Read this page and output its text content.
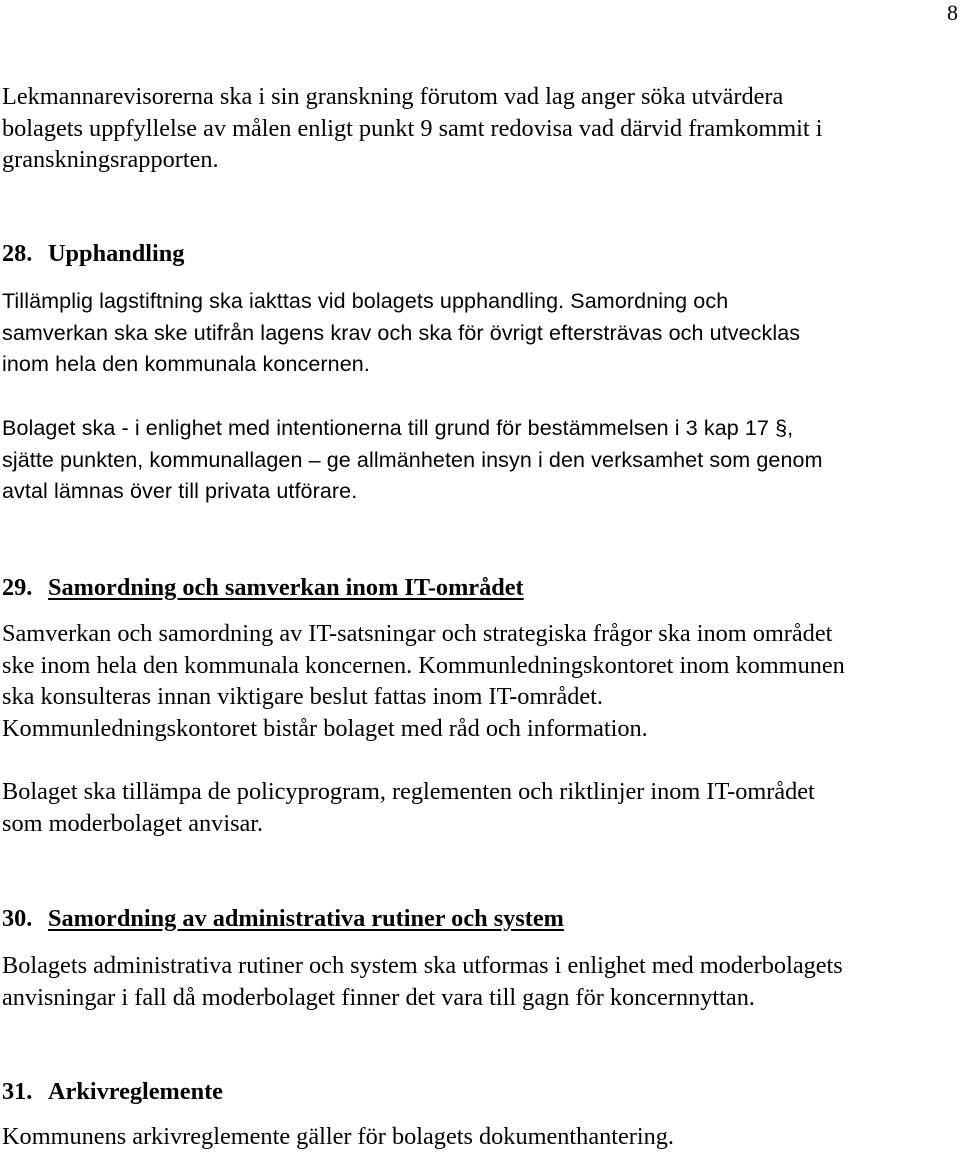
8

Lekmannarevisorerna ska i sin granskning förutom vad lag anger söka utvärdera
bolagets uppfyllelse av målen enligt punkt 9 samt redovisa vad därvid framkommit i
granskningsrapporten.

28. Upphandling

Tillämplig lagstiftning ska iakttas vid bolagets upphandling. Samordning och
samverkan ska ske utifrån lagens krav och ska för övrigt eftersträvas och utvecklas
inom hela den kommunala koncernen.

Bolaget ska - i enlighet med intentionerna till grund för bestämmelsen i 3 kap 17 §,
sjätte punkten, kommunallagen – ge allmänheten insyn i den verksamhet som genom
avtal lämnas över till privata utförare.

29. Samordning och samverkan inom IT-området

Samverkan och samordning av IT-satsningar och strategiska frågor ska inom området
ske inom hela den kommunala koncernen. Kommunledningskontoret inom kommunen
ska konsulteras innan viktigare beslut fattas inom IT-området.
Kommunledningskontoret bistår bolaget med råd och information.

Bolaget ska tillämpa de policyprogram, reglementen och riktlinjer inom IT-området
som moderbolaget anvisar.

30. Samordning av administrativa rutiner och system

Bolagets administrativa rutiner och system ska utformas i enlighet med moderbolagets
anvisningar i fall då moderbolaget finner det vara till gagn för koncernnyttan.

31. Arkivreglemente

Kommunens arkivreglemente gäller för bolagets dokumenthantering.
